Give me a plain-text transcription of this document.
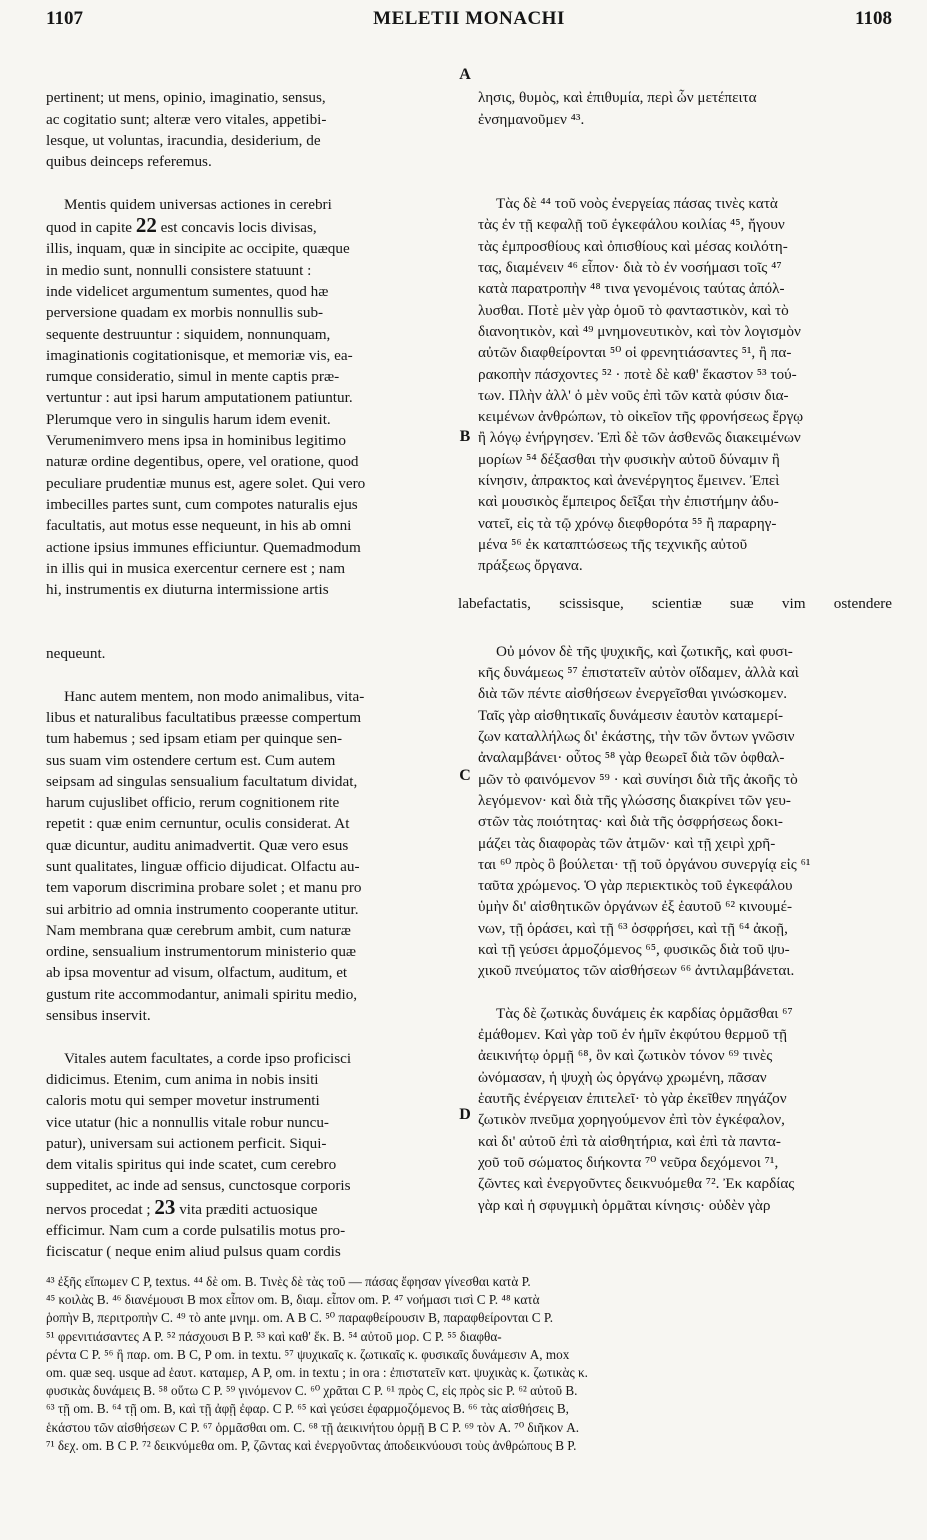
1107	MELETII MONACHI	1108

pertinent; ut mens, opinio, imaginatio, sensus,
ac cogitatio sunt; alteræ vero vitales, appetibi-
lesque, ut voluntas, iracundia, desiderium, de
quibus deinceps referemus.

Mentis quidem universas actiones in cerebri
quod in capite 22 est concavis locis divisas,
illis, inquam, quæ in sincipite ac occipite, quæque
in medio sunt, nonnulli consistere statuunt :
inde videlicet argumentum sumentes, quod hæ
perversione quadam ex morbis nonnullis sub-
sequente destruuntur : siquidem, nonnunquam,
imaginationis cogitationisque, et memoriæ vis, ea-
rumque consideratio, simul in mente captis præ-
vertuntur : aut ipsi harum amputationem patiuntur.
Plerumque vero in singulis harum idem evenit.
Verumenimvero mens ipsa in hominibus legitimo
naturæ ordine degentibus, opere, vel oratione, quod
peculiare prudentiæ munus est, agere solet. Qui vero
imbecilles partes sunt, cum compotes naturalis ejus
facultatis, aut motus esse nequeunt, in his ab omni
actione ipsius immunes efficiuntur. Quemadmodum
in illis qui in musica exercentur cernere est ; nam
hi, instrumentis ex diuturna intermissione artis

nequeunt.

Hanc autem mentem, non modo animalibus, vita-
libus et naturalibus facultatibus præesse compertum
tum habemus ; sed ipsam etiam per quinque sen-
sus suam vim ostendere certum est. Cum autem
seipsam ad singulas sensualium facultatum dividat,
harum cujuslibet officio, rerum cognitionem rite
repetit : quæ enim cernuntur, oculis considerat. At
quæ dicuntur, auditu animadvertit. Quæ vero esus
sunt qualitates, linguæ officio dijudicat. Olfactu au-
tem vaporum discrimina probare solet ; et manu pro
sui arbitrio ad omnia instrumento cooperante utitur.
Nam membrana quæ cerebrum ambit, cum naturæ
ordine, sensualium instrumentorum ministerio quæ
ab ipsa moventur ad visum, olfactum, auditum, et
gustum rite accommodantur, animali spiritu medio,
sensibus inservit.

Vitales autem facultates, a corde ipso proficisci
didicimus. Etenim, cum anima in nobis insiti
caloris motu qui semper movetur instrumenti
vice utatur (hic a nonnullis vitale robur nuncu-
patur), universam sui actionem perficit. Siqui-
dem vitalis spiritus qui inde scatet, cum cerebro
suppeditet, ac inde ad sensus, cunctosque corporis
nervos procedat ; 23 vita præditi actuosique
efficimur. Nam cum a corde pulsatilis motus pro-
ficiscatur ( neque enim aliud pulsus quam cordis

A
B
C
D

λησις, θυμὸς, καὶ ἐπιθυμία, περὶ ὧν μετέπειτα
ἐνσημανοῦμεν ⁴³.

Τὰς δὲ ⁴⁴ τοῦ νοὸς ἐνεργείας πάσας τινὲς κατὰ
τὰς ἐν τῇ κεφαλῇ τοῦ ἐγκεφάλου κοιλίας ⁴⁵, ἤγουν
τὰς ἐμπροσθίους καὶ ὀπισθίους καὶ μέσας κοιλότη-
τας, διαμένειν ⁴⁶ εἶπον· διὰ τὸ ἐν νοσήμασι τοῖς ⁴⁷
κατὰ παρατροπὴν ⁴⁸ τινα γενομένοις ταύτας ἀπόλ-
λυσθαι. Ποτὲ μὲν γὰρ ὁμοῦ τὸ φανταστικὸν, καὶ τὸ
διανοητικὸν, καὶ ⁴⁹ μνημονευτικὸν, καὶ τὸν λογισμὸν
αὐτῶν διαφθείρονται ⁵⁰ οἱ φρενητιάσαντες ⁵¹, ἢ πα-
ρακοπὴν πάσχοντες ⁵² · ποτὲ δὲ καθ' ἕκαστον ⁵³ τού-
των. Πλὴν ἀλλ' ὁ μὲν νοῦς ἐπὶ τῶν κατὰ φύσιν δια-
κειμένων ἀνθρώπων, τὸ οἰκεῖον τῆς φρονήσεως ἔργῳ
ἢ λόγῳ ἐνήργησεν. Ἐπὶ δὲ τῶν ἀσθενῶς διακειμένων
μορίων ⁵⁴ δέξασθαι τὴν φυσικὴν αὐτοῦ δύναμιν ἢ
κίνησιν, ἀπρακτος καὶ ἀνενέργητος ἔμεινεν. Ἐπεὶ
καὶ μουσικὸς ἔμπειρος δεῖξαι τὴν ἐπιστήμην ἀδυ-
νατεῖ, εἰς τὰ τῷ χρόνῳ διεφθορότα ⁵⁵ ἢ παραρηγ-
μένα ⁵⁶ ἐκ καταπτώσεως τῆς τεχνικῆς αὐτοῦ
πράξεως ὄργανα.

Οὐ μόνον δὲ τῆς ψυχικῆς, καὶ ζωτικῆς, καὶ φυσι-
κῆς δυνάμεως ⁵⁷ ἐπιστατεῖν αὐτὸν οἴδαμεν, ἀλλὰ καὶ
διὰ τῶν πέντε αἰσθήσεων ἐνεργεῖσθαι γινώσκομεν.
Ταῖς γὰρ αἰσθητικαῖς δυνάμεσιν ἑαυτὸν καταμερί-
ζων καταλλήλως δι' ἑκάστης, τὴν τῶν ὄντων γνῶσιν
ἀναλαμβάνει· οὗτος ⁵⁸ γὰρ θεωρεῖ διὰ τῶν ὀφθαλ-
μῶν τὸ φαινόμενον ⁵⁹ · καὶ συνίησι διὰ τῆς ἀκοῆς τὸ
λεγόμενον· καὶ διὰ τῆς γλώσσης διακρίνει τῶν γευ-
στῶν τὰς ποιότητας· καὶ διὰ τῆς ὀσφρήσεως δοκι-
μάζει τὰς διαφορὰς τῶν ἀτμῶν· καὶ τῇ χειρὶ χρῆ-
ται ⁶⁰ πρὸς ὃ βούλεται· τῇ τοῦ ὀργάνου συνεργίᾳ εἰς ⁶¹
ταῦτα χρώμενος. Ὁ γὰρ περιεκτικὸς τοῦ ἐγκεφάλου
ὑμὴν δι' αἰσθητικῶν ὀργάνων ἐξ ἑαυτοῦ ⁶² κινουμέ-
νων, τῇ ὁράσει, καὶ τῇ ⁶³ ὀσφρήσει, καὶ τῇ ⁶⁴ ἀκοῇ,
καὶ τῇ γεύσει ἁρμοζόμενος ⁶⁵, φυσικῶς διὰ τοῦ ψυ-
χικοῦ πνεύματος τῶν αἰσθήσεων ⁶⁶ ἀντιλαμβάνεται.

Τὰς δὲ ζωτικὰς δυνάμεις ἐκ καρδίας ὁρμᾶσθαι ⁶⁷
ἐμάθομεν. Καὶ γὰρ τοῦ ἐν ἡμῖν ἐκφύτου θερμοῦ τῇ
ἀεικινήτῳ ὁρμῇ ⁶⁸, ὃν καὶ ζωτικὸν τόνον ⁶⁹ τινὲς
ὠνόμασαν, ἡ ψυχὴ ὡς ὀργάνῳ χρωμένη, πᾶσαν
ἑαυτῆς ἐνέργειαν ἐπιτελεῖ· τὸ γὰρ ἐκεῖθεν πηγάζον
ζωτικὸν πνεῦμα χορηγούμενον ἐπὶ τὸν ἐγκέφαλον,
καὶ δι' αὐτοῦ ἐπὶ τὰ αἰσθητήρια, καὶ ἐπὶ τὰ παντα-
χοῦ τοῦ σώματος διήκοντα ⁷⁰ νεῦρα δεχόμενοι ⁷¹,
ζῶντες καὶ ἐνεργοῦντες δεικνυόμεθα ⁷². Ἐκ καρδίας
γὰρ καὶ ἡ σφυγμικὴ ὁρμᾶται κίνησις· οὐδὲν γὰρ

labefactatis, scissisque, scientiæ suæ vim ostendere
⁴³ ἐξῆς εἴπωμεν C P, textus. ⁴⁴ δὲ om. B. Τινὲς δὲ τὰς τοῦ — πάσας ἔφησαν γίνεσθαι κατὰ P.
⁴⁵ κοιλὰς B. ⁴⁶ διανέμουσι B mox εἶπον om. B, διαμ. εἶπον om. P. ⁴⁷ νοήμασι τισὶ C P. ⁴⁸ κατὰ
ῥοπὴν B, περιτροπὴν C. ⁴⁹ τὸ ante μνημ. om. A B C. ⁵⁰ παραφθείρουσιν B, παραφθείρονται C P.
⁵¹ φρενιτιάσαντες A P. ⁵² πάσχουσι B P. ⁵³ καὶ καθ' ἕκ. B. ⁵⁴ αὐτοῦ μορ. C P. ⁵⁵ διαφθα-
ρέντα C P. ⁵⁶ ἢ παρ. om. B C, P om. in textu. ⁵⁷ ψυχικαῖς κ. ζωτικαῖς κ. φυσικαῖς δυνάμεσιν A, mox
om. quæ seq. usque ad ἑαυτ. καταμερ, A P, om. in textu ; in ora : ἐπιστατεῖν κατ. ψυχικὰς κ. ζωτικὰς κ.
φυσικὰς δυνάμεις B. ⁵⁸ οὕτω C P. ⁵⁹ γινόμενον C. ⁶⁰ χρᾶται C P. ⁶¹ πρὸς C, εἰς πρὸς sic P. ⁶² αὐτοῦ B.
⁶³ τῇ om. B. ⁶⁴ τῇ om. B, καὶ τῇ ἀφῇ ἐφαρ. C P. ⁶⁵ καὶ γεύσει ἐφαρμοζόμενος B. ⁶⁶ τὰς αἰσθήσεις B,
ἑκάστου τῶν αἰσθήσεων C P. ⁶⁷ ὁρμᾶσθαι om. C. ⁶⁸ τῇ ἀεικινήτου ὁρμῇ B C P. ⁶⁹ τὸν A. ⁷⁰ διῆκον A.
⁷¹ δεχ. om. B C P. ⁷² δεικνύμεθα om. P, ζῶντας καὶ ἐνεργοῦντας ἀποδεικνύουσι τοὺς ἀνθρώπους B P.
